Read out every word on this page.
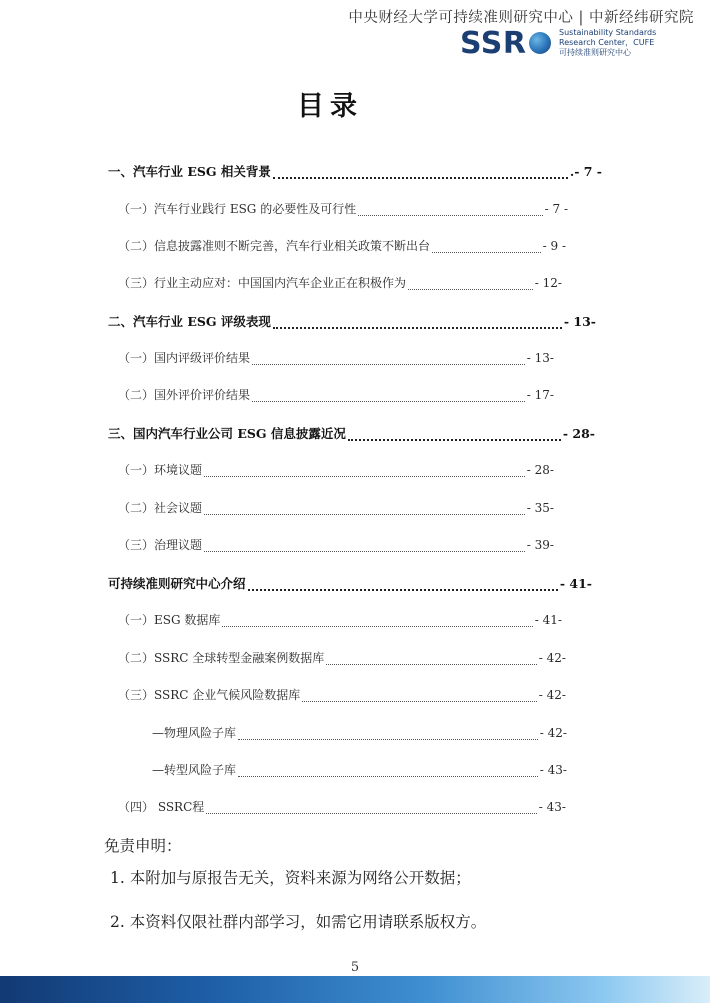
中央财经大学可持续准则研究中心 | 中新经纬研究院
SSR	Sustainability Standards
Research Center，CUFE
可持续准则研究中心
目录
一、汽车行业 ESG 相关背景	.- 7 -
（一）汽车行业践行 ESG 的必要性及可行性	- 7 -
（二）信息披露准则不断完善，汽车行业相关政策不断出台	- 9 -
（三）行业主动应对：中国国内汽车企业正在积极作为	- 12-
二、汽车行业 ESG 评级表现	- 13-
（一）国内评级评价结果	- 13-
（二）国外评价评价结果	- 17-
三、国内汽车行业公司 ESG 信息披露近况	- 28-
（一）环境议题	- 28-
（二）社会议题	- 35-
（三）治理议题	- 39-
可持续准则研究中心介绍	- 41-
（一）ESG 数据库	- 41-
（二）SSRC 全球转型金融案例数据库	- 42-
（三）SSRC 企业气候风险数据库	- 42-
—物理风险子库	- 42-
—转型风险子库	- 43-
（四） SSRC程	- 43-
免责申明：
1. 本附加与原报告无关，资料来源为网络公开数据；
2. 本资料仅限社群内部学习，如需它用请联系版权方。
5
